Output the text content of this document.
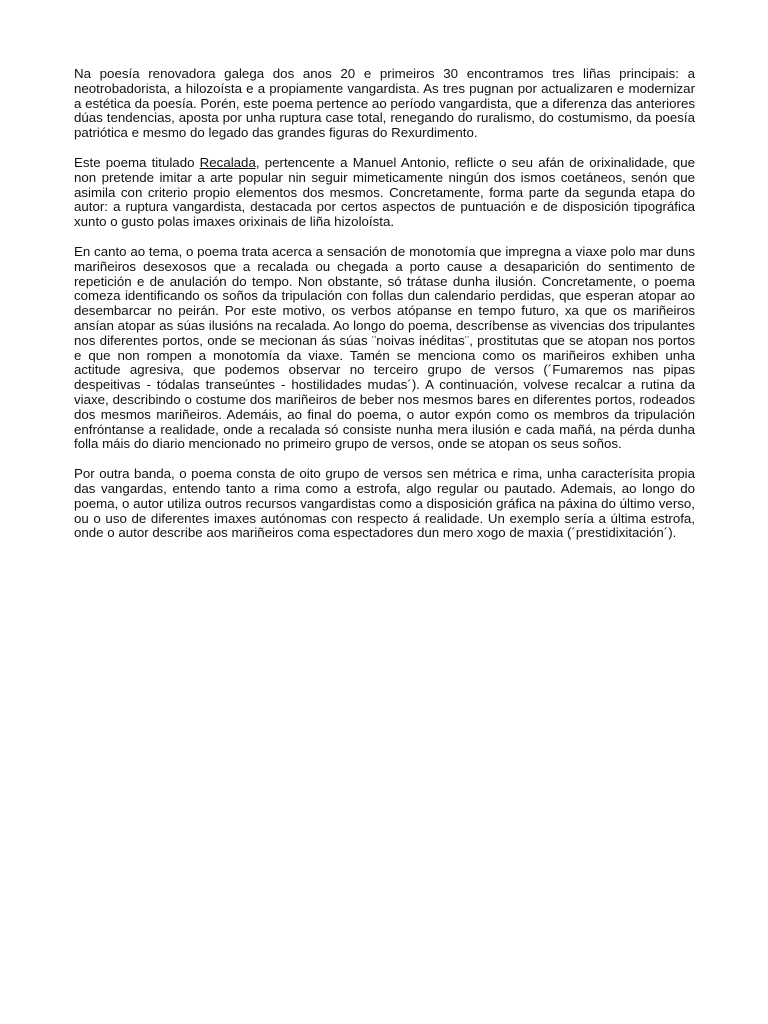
Na poesía renovadora galega dos anos 20 e primeiros 30 encontramos tres liñas principais: a neotrobadorista, a hilozoísta e a propiamente vangardista. As tres pugnan por actualizaren e modernizar a estética da poesía. Porén, este poema pertence ao período vangardista, que a diferenza das anteriores dúas tendencias, aposta por unha ruptura case total, renegando do ruralismo, do costumismo, da poesía patriótica e mesmo do legado das grandes figuras do Rexurdimento.

Este poema titulado Recalada, pertencente a Manuel Antonio, reflicte o seu afán de orixinalidade, que non pretende imitar a arte popular nin seguir mimeticamente ningún dos ismos coetáneos, senón que asimila con criterio propio elementos dos mesmos. Concretamente, forma parte da segunda etapa do autor: a ruptura vangardista, destacada por certos aspectos de puntuación e de disposición tipográfica xunto o gusto polas imaxes orixinais de liña hizoloísta.

En canto ao tema, o poema trata acerca a sensación de monotomía que impregna a viaxe polo mar duns mariñeiros desexosos que a recalada ou chegada a porto cause a desaparición do sentimento de repetición e de anulación do tempo. Non obstante, só trátase dunha ilusión. Concretamente, o poema comeza identificando os soños da tripulación con follas dun calendario perdidas, que esperan atopar ao desembarcar no peirán. Por este motivo, os verbos atópanse en tempo futuro, xa que os mariñeiros ansían atopar as súas ilusións na recalada. Ao longo do poema, descríbense as vivencias dos tripulantes nos diferentes portos, onde se mecionan ás súas ¨noivas inéditas¨, prostitutas que se atopan nos portos e que non rompen a monotomía da viaxe. Tamén se menciona como os mariñeiros exhiben unha actitude agresiva, que podemos observar no terceiro grupo de versos (´Fumaremos nas pipas despeitivas - tódalas transeúntes - hostilidades mudas´). A continuación, volvese recalcar a rutina da viaxe, describindo o costume dos mariñeiros de beber nos mesmos bares en diferentes portos, rodeados dos mesmos mariñeiros. Ademáis, ao final do poema, o autor expón como os membros da tripulación enfróntanse a realidade, onde a recalada só consiste nunha mera ilusión e cada mañá, na pérda dunha folla máis do diario mencionado no primeiro grupo de versos, onde se atopan os seus soños.

Por outra banda, o poema consta de oito grupo de versos sen métrica e rima, unha caracterísita propia das vangardas, entendo tanto a rima como a estrofa, algo regular ou pautado. Ademais, ao longo do poema, o autor utiliza outros recursos vangardistas como a disposición gráfica na páxina do último verso, ou o uso de diferentes imaxes autónomas con respecto á realidade. Un exemplo sería a última estrofa, onde o autor describe aos mariñeiros coma espectadores dun mero xogo de maxia (´prestidixitación´).
